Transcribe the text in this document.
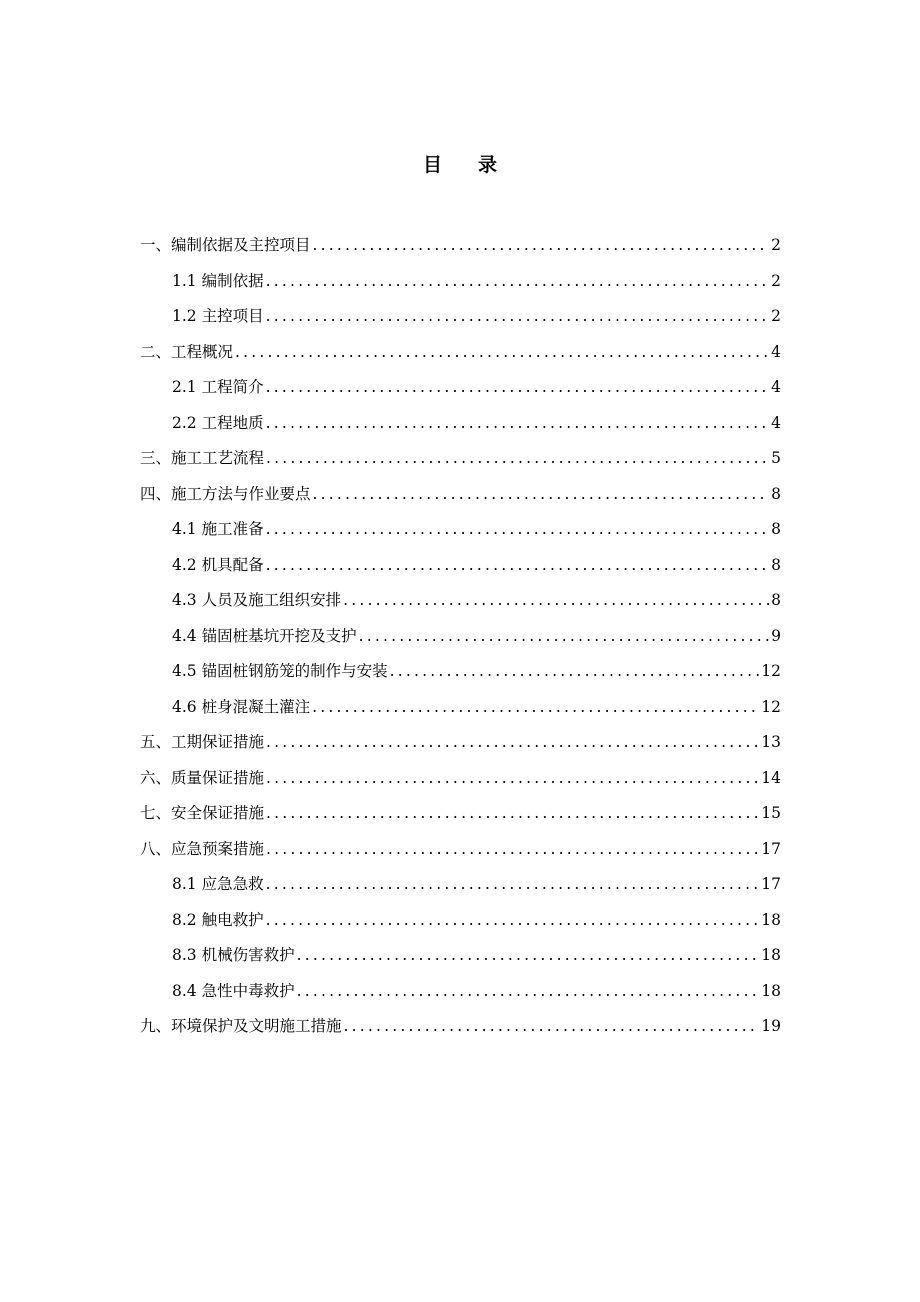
目 录
一、编制依据及主控项目 .....	2
1.1 编制依据 .....	2
1.2 主控项目 .....	2
二、工程概况 .....	4
2.1 工程简介 .....	4
2.2 工程地质 .....	4
三、施工工艺流程 .....	5
四、施工方法与作业要点 .....	8
4.1 施工准备 .....	8
4.2 机具配备 .....	8
4.3 人员及施工组织安排 .....	8
4.4 锚固桩基坑开挖及支护 .....	9
4.5 锚固桩钢筋笼的制作与安装 .....	12
4.6 桩身混凝土灌注 .....	12
五、工期保证措施 .....	13
六、质量保证措施 .....	14
七、安全保证措施 .....	15
八、应急预案措施 .....	17
8.1 应急急救 .....	17
8.2 触电救护 .....	18
8.3 机械伤害救护 .....	18
8.4 急性中毒救护 .....	18
九、环境保护及文明施工措施 .....	19
